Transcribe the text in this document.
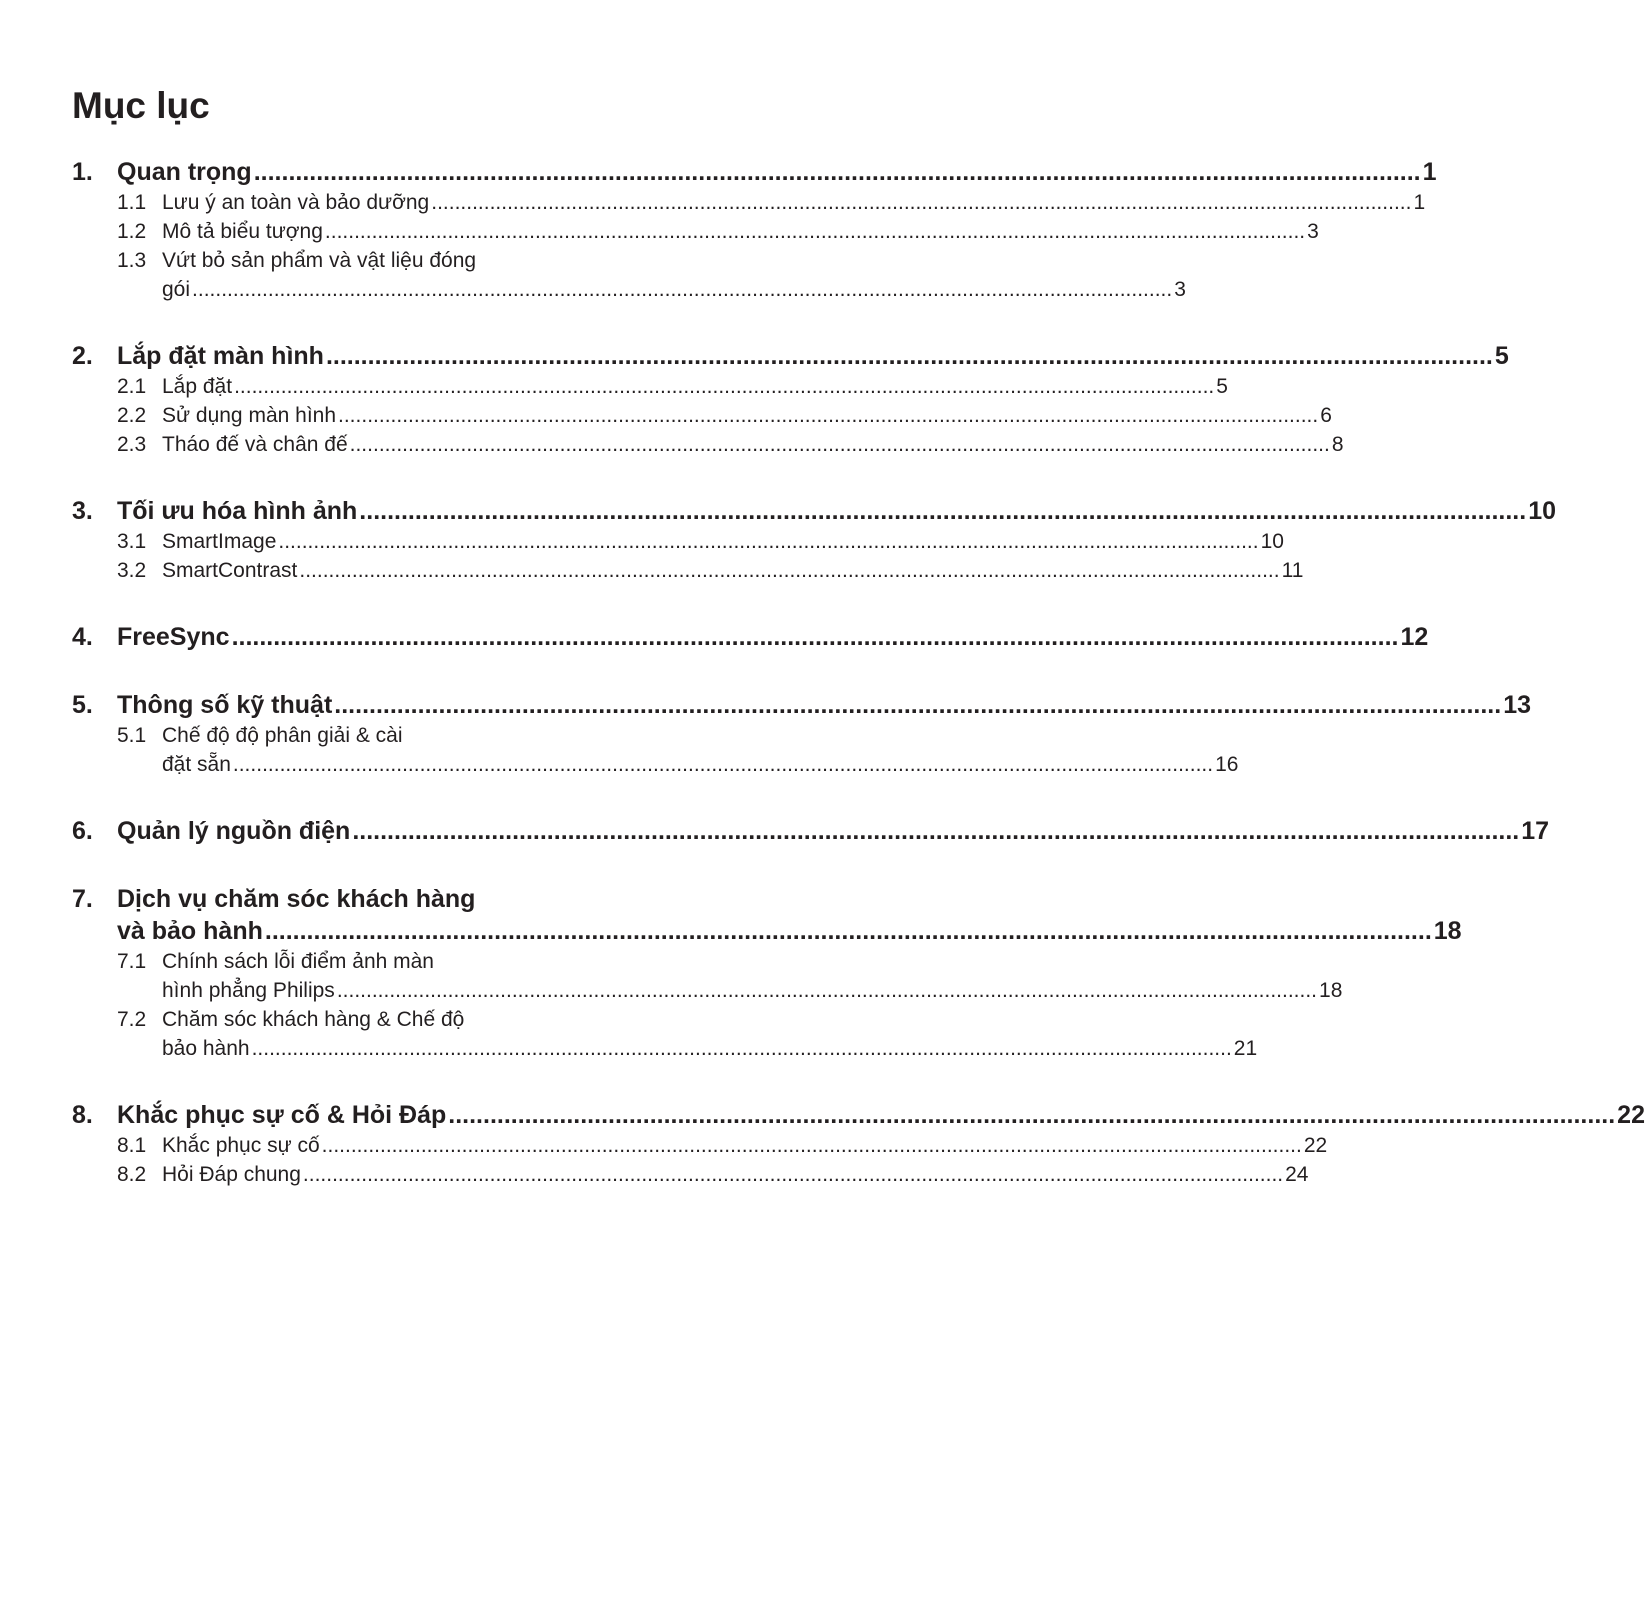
Mục lục
1. Quan trọng .....	1
1.1 Lưu ý an toàn và bảo dưỡng .....	1
1.2 Mô tả biểu tượng .....	3
1.3 Vứt bỏ sản phẩm và vật liệu đóng
gói .....	3
2. Lắp đặt màn hình .....	5
2.1 Lắp đặt .....	5
2.2 Sử dụng màn hình .....	6
2.3 Tháo đế và chân đế .....	8
3. Tối ưu hóa hình ảnh .....	10
3.1 SmartImage .....	10
3.2 SmartContrast .....	11
4. FreeSync .....	12
5. Thông số kỹ thuật .....	13
5.1 Chế độ độ phân giải & cài
đặt sẵn .....	16
6. Quản lý nguồn điện .....	17
7. Dịch vụ chăm sóc khách hàng
và bảo hành .....	18
7.1 Chính sách lỗi điểm ảnh màn
hình phẳng Philips .....	18
7.2 Chăm sóc khách hàng & Chế độ
bảo hành .....	21
8. Khắc phục sự cố & Hỏi Đáp .....	22
8.1 Khắc phục sự cố .....	22
8.2 Hỏi Đáp chung .....	24
